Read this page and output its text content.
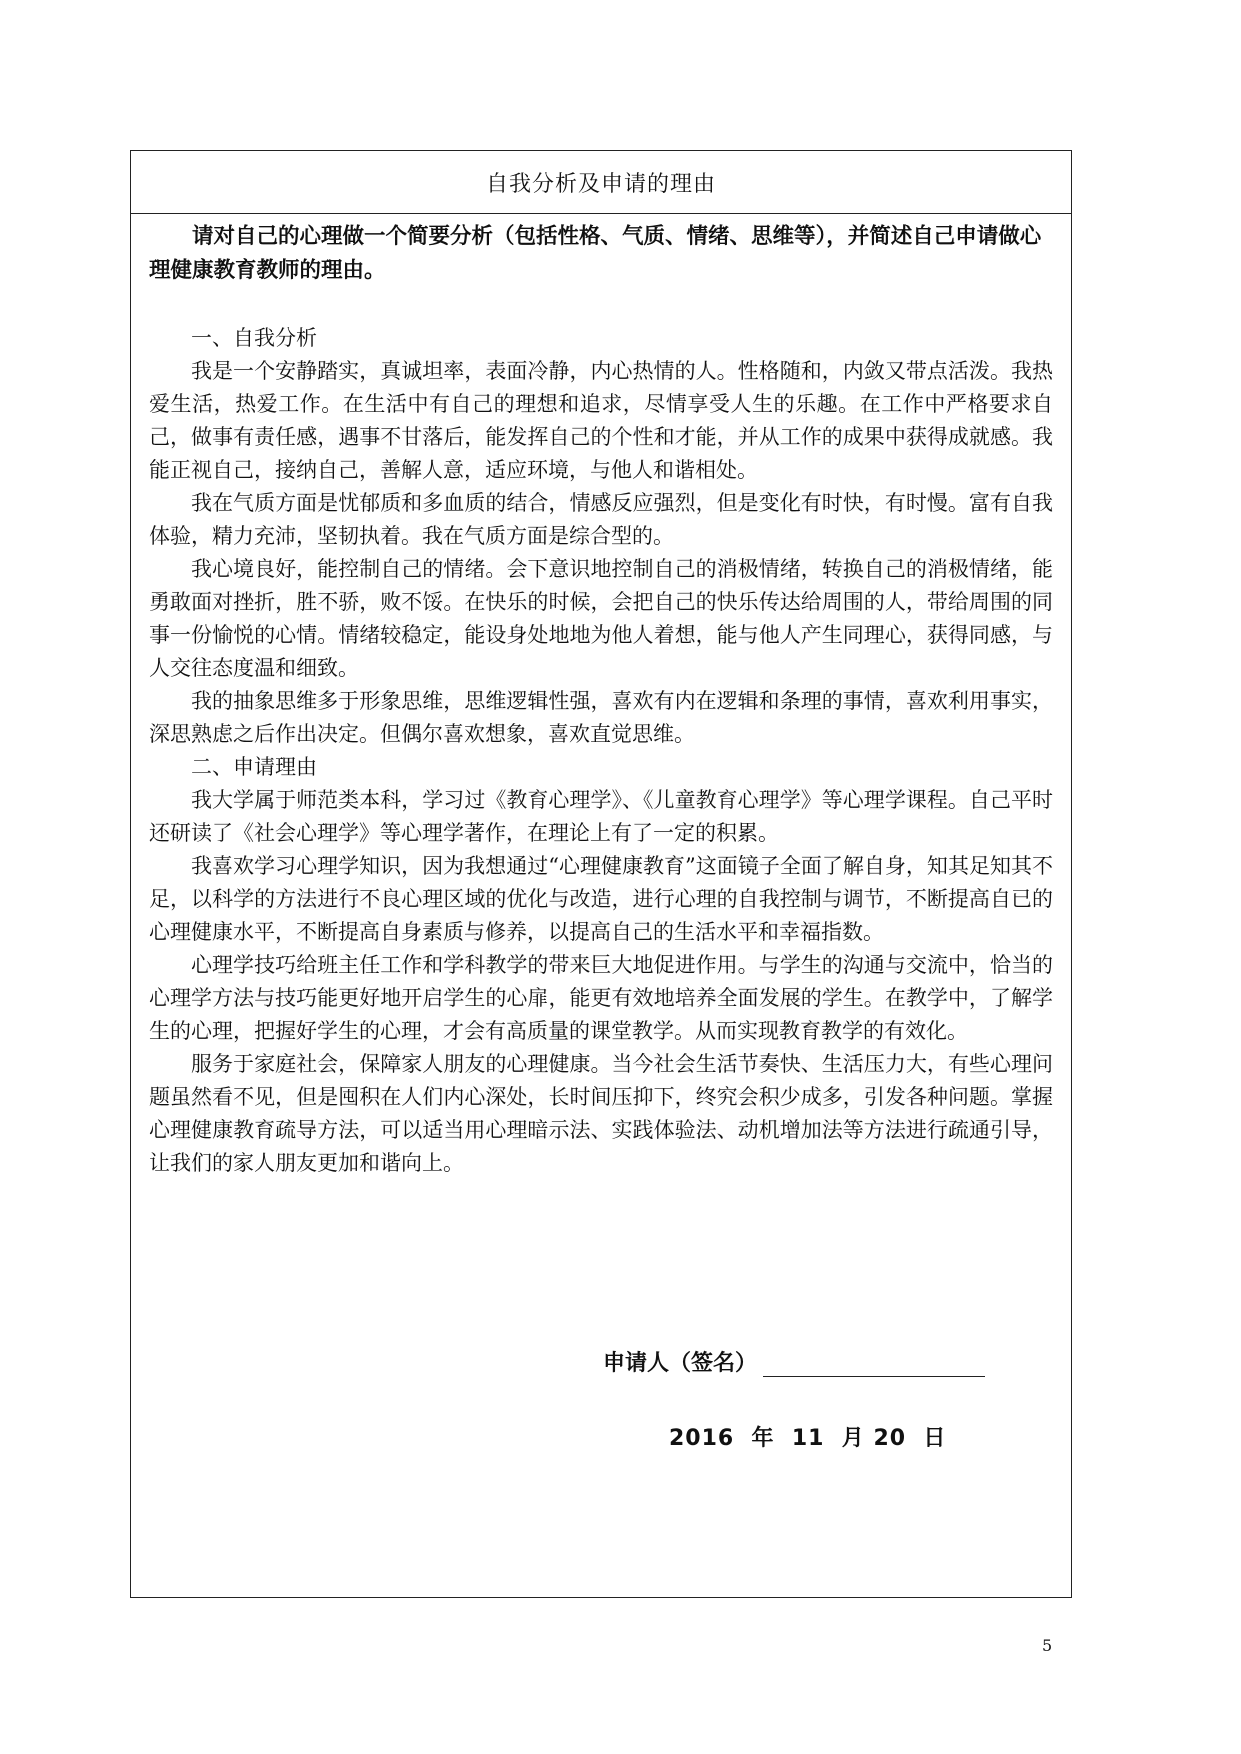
自我分析及申请的理由

请对自己的心理做一个简要分析（包括性格、气质、情绪、思维等），并简述自己申请做心理健康教育教师的理由。

一、自我分析

我是一个安静踏实，真诚坦率，表面冷静，内心热情的人。性格随和，内敛又带点活泼。我热爱生活，热爱工作。在生活中有自己的理想和追求，尽情享受人生的乐趣。在工作中严格要求自己，做事有责任感，遇事不甘落后，能发挥自己的个性和才能，并从工作的成果中获得成就感。我能正视自己，接纳自己，善解人意，适应环境，与他人和谐相处。

我在气质方面是忧郁质和多血质的结合，情感反应强烈，但是变化有时快，有时慢。富有自我体验，精力充沛，坚韧执着。我在气质方面是综合型的。

我心境良好，能控制自己的情绪。会下意识地控制自己的消极情绪，转换自己的消极情绪，能勇敢面对挫折，胜不骄，败不馁。在快乐的时候，会把自己的快乐传达给周围的人，带给周围的同事一份愉悦的心情。情绪较稳定，能设身处地地为他人着想，能与他人产生同理心，获得同感，与人交往态度温和细致。

我的抽象思维多于形象思维，思维逻辑性强，喜欢有内在逻辑和条理的事情，喜欢利用事实，深思熟虑之后作出决定。但偶尔喜欢想象，喜欢直觉思维。

二、申请理由

我大学属于师范类本科，学习过《教育心理学》、《儿童教育心理学》等心理学课程。自己平时还研读了《社会心理学》等心理学著作，在理论上有了一定的积累。

我喜欢学习心理学知识，因为我想通过“心理健康教育”这面镜子全面了解自身，知其足知其不足，以科学的方法进行不良心理区域的优化与改造，进行心理的自我控制与调节，不断提高自已的心理健康水平，不断提高自身素质与修养，以提高自己的生活水平和幸福指数。

心理学技巧给班主任工作和学科教学的带来巨大地促进作用。与学生的沟通与交流中，恰当的心理学方法与技巧能更好地开启学生的心扉，能更有效地培养全面发展的学生。在教学中，了解学生的心理，把握好学生的心理，才会有高质量的课堂教学。从而实现教育教学的有效化。

服务于家庭社会，保障家人朋友的心理健康。当今社会生活节奏快、生活压力大，有些心理问题虽然看不见，但是囤积在人们内心深处，长时间压抑下，终究会积少成多，引发各种问题。掌握心理健康教育疏导方法，可以适当用心理暗示法、实践体验法、动机增加法等方法进行疏通引导，让我们的家人朋友更加和谐向上。

申请人（签名）
2016  年  11  月 20  日
5
